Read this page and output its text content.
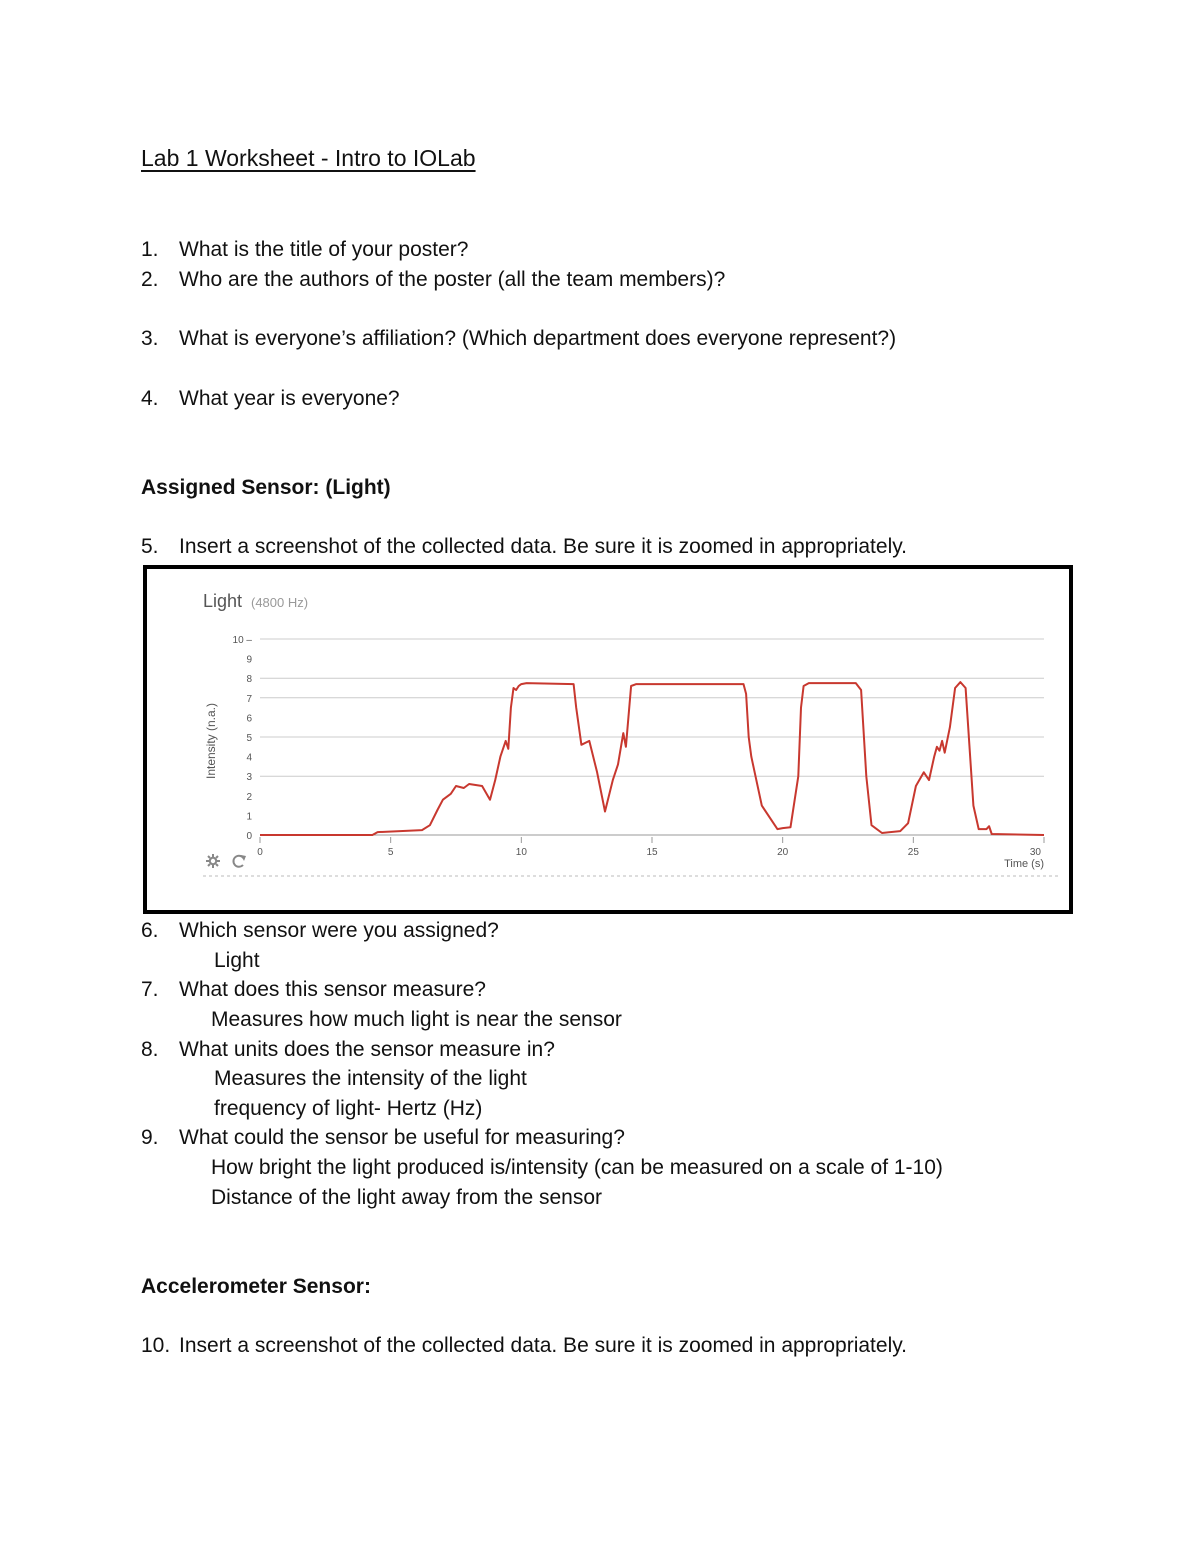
Lab 1 Worksheet - Intro to IOLab
1. What is the title of your poster?
2. Who are the authors of the poster (all the team members)?
3. What is everyone’s affiliation? (Which department does everyone represent?)
4. What year is everyone?
Assigned Sensor: (Light)
5. Insert a screenshot of the collected data. Be sure it is zoomed in appropriately.
Light (4800 Hz)
0
1
2
3
4
5
6
7
8
9
10 –
0	5	10	15	20	25	30
Intensity (n.a.)
Time (s)
6. Which sensor were you assigned?
Light
7. What does this sensor measure?
Measures how much light is near the sensor
8. What units does the sensor measure in?
Measures the intensity of the light
frequency of light- Hertz (Hz)
9. What could the sensor be useful for measuring?
How bright the light produced is/intensity (can be measured on a scale of 1-10)
Distance of the light away from the sensor
Accelerometer Sensor:
10. Insert a screenshot of the collected data. Be sure it is zoomed in appropriately.
